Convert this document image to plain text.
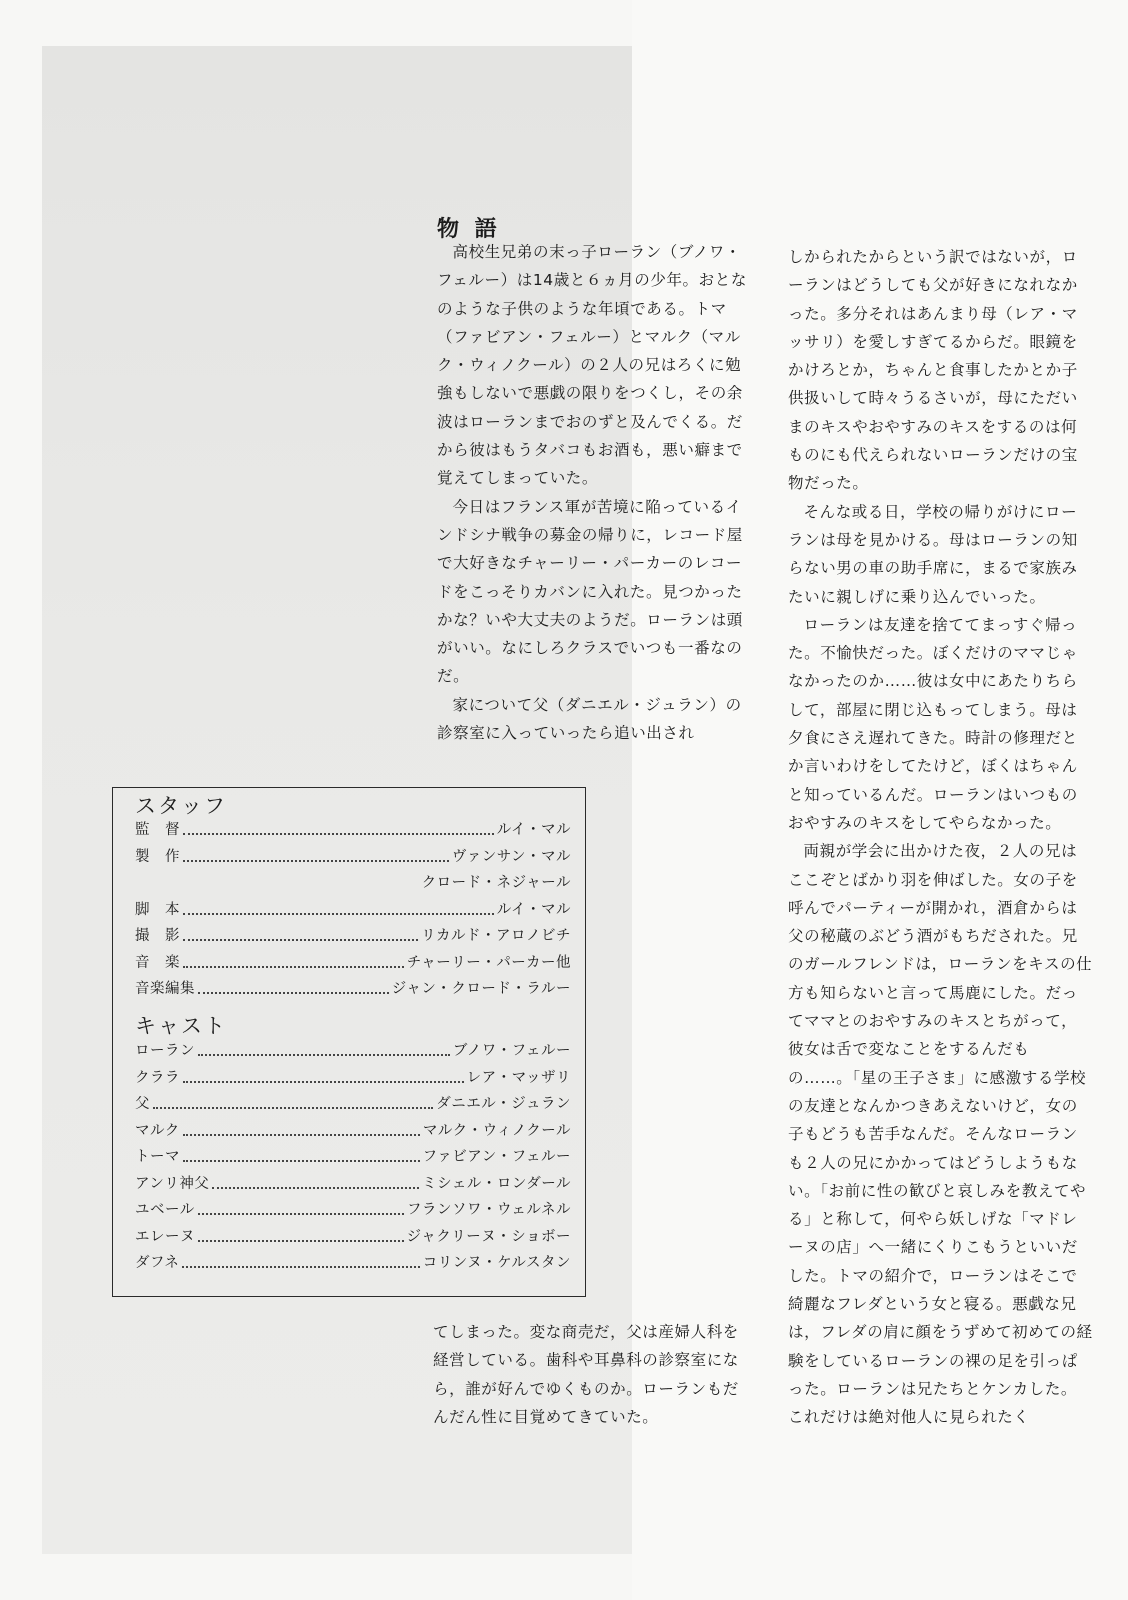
物 語

高校生兄弟の末っ子ローラン（ブノワ・フェルー）は14歳と６ヵ月の少年。おとなのような子供のような年頃である。トマ（ファビアン・フェルー）とマルク（マルク・ウィノクール）の２人の兄はろくに勉強もしないで悪戯の限りをつくし，その余波はローランまでおのずと及んでくる。だから彼はもうタバコもお酒も，悪い癖まで覚えてしまっていた。

今日はフランス軍が苦境に陥っているインドシナ戦争の募金の帰りに，レコード屋で大好きなチャーリー・パーカーのレコードをこっそりカバンに入れた。見つかったかな？いや大丈夫のようだ。ローランは頭がいい。なにしろクラスでいつも一番なのだ。

家について父（ダニエル・ジュラン）の診察室に入っていったら追い出され

てしまった。変な商売だ，父は産婦人科を経営している。歯科や耳鼻科の診察室になら，誰が好んでゆくものか。ローランもだんだん性に目覚めてきていた。

しかられたからという訳ではないが，ローランはどうしても父が好きになれなかった。多分それはあんまり母（レア・マッサリ）を愛しすぎてるからだ。眼鏡をかけろとか，ちゃんと食事したかとか子供扱いして時々うるさいが，母にただいまのキスやおやすみのキスをするのは何ものにも代えられないローランだけの宝物だった。

そんな或る日，学校の帰りがけにローランは母を見かける。母はローランの知らない男の車の助手席に，まるで家族みたいに親しげに乗り込んでいった。

ローランは友達を捨ててまっすぐ帰った。不愉快だった。ぼくだけのママじゃなかったのか……彼は女中にあたりちらして，部屋に閉じ込もってしまう。母は夕食にさえ遅れてきた。時計の修理だとか言いわけをしてたけど，ぼくはちゃんと知っているんだ。ローランはいつものおやすみのキスをしてやらなかった。

両親が学会に出かけた夜，２人の兄はここぞとばかり羽を伸ばした。女の子を呼んでパーティーが開かれ，酒倉からは父の秘蔵のぶどう酒がもちだされた。兄のガールフレンドは，ローランをキスの仕方も知らないと言って馬鹿にした。だってママとのおやすみのキスとちがって，彼女は舌で変なことをするんだもの……。「星の王子さま」に感激する学校の友達となんかつきあえないけど，女の子もどうも苦手なんだ。そんなローランも２人の兄にかかってはどうしようもない。「お前に性の歓びと哀しみを教えてやる」と称して，何やら妖しげな「マドレーヌの店」へ一緒にくりこもうといいだした。トマの紹介で，ローランはそこで綺麗なフレダという女と寝る。悪戯な兄は，フレダの肩に顔をうずめて初めての経験をしているローランの裸の足を引っぱった。ローランは兄たちとケンカした。これだけは絶対他人に見られたく

スタッフ
監　督	ルイ・マル
製　作	ヴァンサン・マル
クロード・ネジャール
脚　本	ルイ・マル
撮　影	リカルド・アロノビチ
音　楽	チャーリー・パーカー他
音楽編集	ジャン・クロード・ラルー
キャスト
ローラン	ブノワ・フェルー
クララ	レア・マッザリ
父	ダニエル・ジュラン
マルク	マルク・ウィノクール
トーマ	ファビアン・フェルー
アンリ神父	ミシェル・ロンダール
ユベール	フランソワ・ウェルネル
エレーヌ	ジャクリーヌ・ショボー
ダフネ	コリンヌ・ケルスタン
